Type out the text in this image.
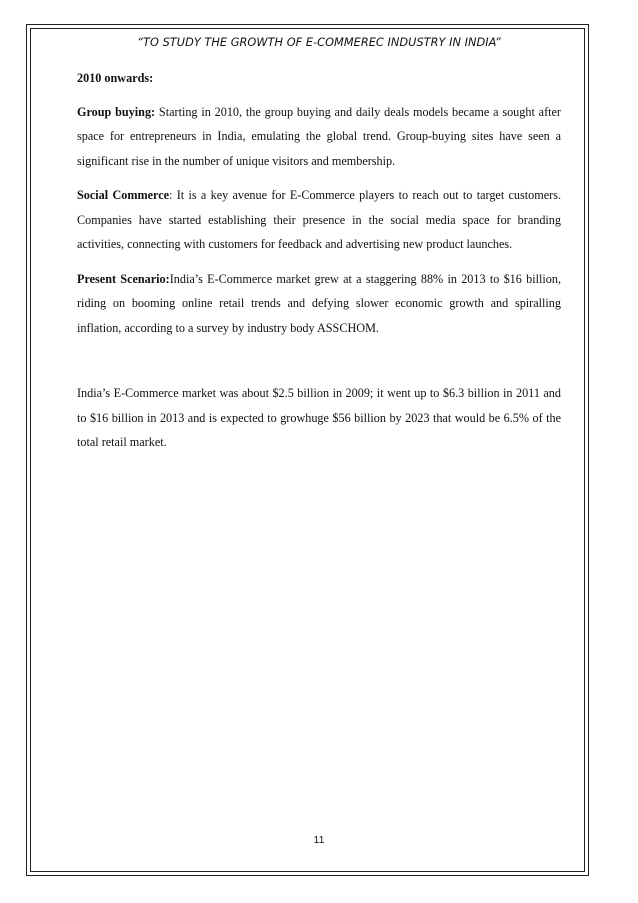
“TO STUDY THE GROWTH OF E-COMMEREC INDUSTRY IN INDIA”
2010 onwards:

Group buying: Starting in 2010, the group buying and daily deals models became a sought after space for entrepreneurs in India, emulating the global trend. Group-buying sites have seen a significant rise in the number of unique visitors and membership.

Social Commerce: It is a key avenue for E-Commerce players to reach out to target customers. Companies have started establishing their presence in the social media space for branding activities, connecting with customers for feedback and advertising new product launches.

Present Scenario:India’s E-Commerce market grew at a staggering 88% in 2013 to $16 billion, riding on booming online retail trends and defying slower economic growth and spiralling inflation, according to a survey by industry body ASSCHOM.

India’s E-Commerce market was about $2.5 billion in 2009; it went up to $6.3 billion in 2011 and to $16 billion in 2013 and is expected to growhuge $56 billion by 2023 that would be 6.5% of the total retail market.

11
